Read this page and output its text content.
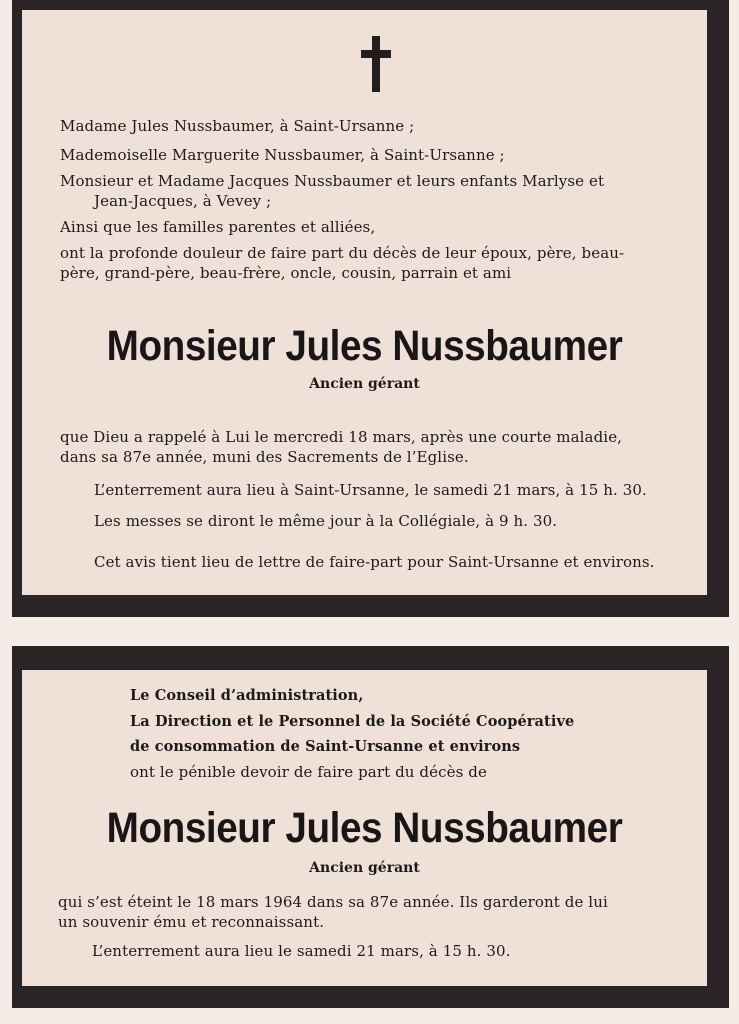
Madame Jules Nussbaumer, à Saint-Ursanne ;
Mademoiselle Marguerite Nussbaumer, à Saint-Ursanne ;
Monsieur et Madame Jacques Nussbaumer et leurs enfants Marlyse et
Jean-Jacques, à Vevey ;
Ainsi que les familles parentes et alliées,
ont la profonde douleur de faire part du décès de leur époux, père, beau-
père, grand-père, beau-frère, oncle, cousin, parrain et ami
Monsieur Jules Nussbaumer
Ancien gérant
que Dieu a rappelé à Lui le mercredi 18 mars, après une courte maladie,
dans sa 87e année, muni des Sacrements de l’Eglise.
L’enterrement aura lieu à Saint-Ursanne, le samedi 21 mars, à 15 h. 30.
Les messes se diront le même jour à la Collégiale, à 9 h. 30.
Cet avis tient lieu de lettre de faire-part pour Saint-Ursanne et environs.
Le Conseil d’administration,
La Direction et le Personnel de la Société Coopérative
de consommation de Saint-Ursanne et environs
ont le pénible devoir de faire part du décès de
Monsieur Jules Nussbaumer
Ancien gérant
qui s’est éteint le 18 mars 1964 dans sa 87e année. Ils garderont de lui
un souvenir ému et reconnaissant.
L’enterrement aura lieu le samedi 21 mars, à 15 h. 30.
